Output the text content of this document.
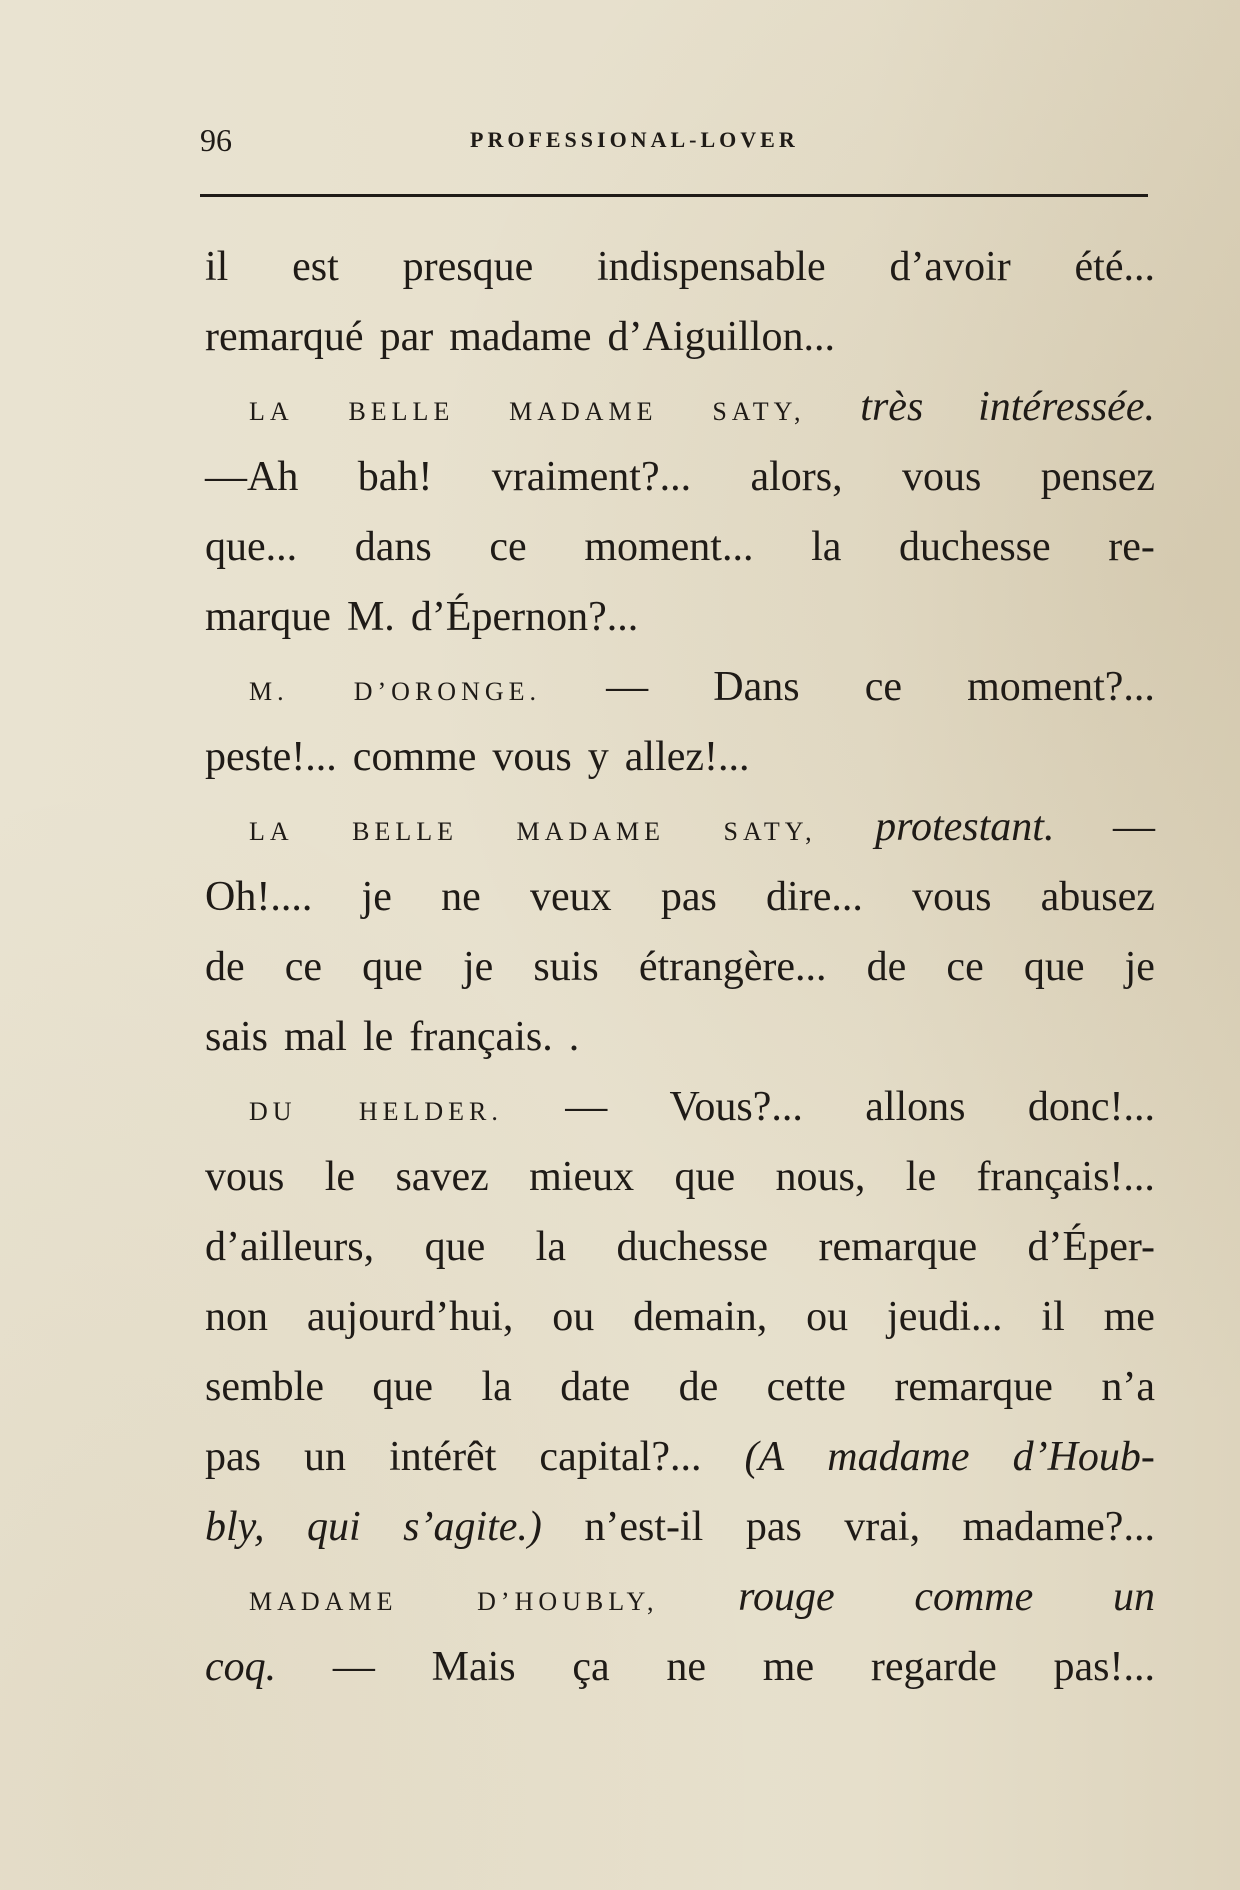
96	PROFESSIONAL-LOVER
il est presque indispensable d’avoir été...
remarqué par madame d’Aiguillon...
LA BELLE MADAME SATY, très intéressée.
—Ah bah! vraiment?... alors, vous pensez
que... dans ce moment... la duchesse re-
marque M. d’Épernon?...
M.	D’ORONGE. — Dans ce moment?...
peste!... comme vous y allez!...
LA BELLE MADAME SATY, protestant. —
Oh!.... je ne veux pas dire... vous abusez
de ce que je suis étrangère... de ce que je
sais mal le français. .
DU HELDER. — Vous?... allons donc!...
vous le savez mieux que nous, le français!...
d’ailleurs, que la duchesse remarque d’Éper-
non aujourd’hui, ou demain, ou jeudi... il me
semble que la date de cette remarque n’a
pas un intérêt capital?... (A madame d’Houb-
bly, qui s’agite.) n’est-il pas vrai, madame?...
MADAME	D’HOUBLY, rouge comme un
coq. — Mais ça ne me regarde pas!...
